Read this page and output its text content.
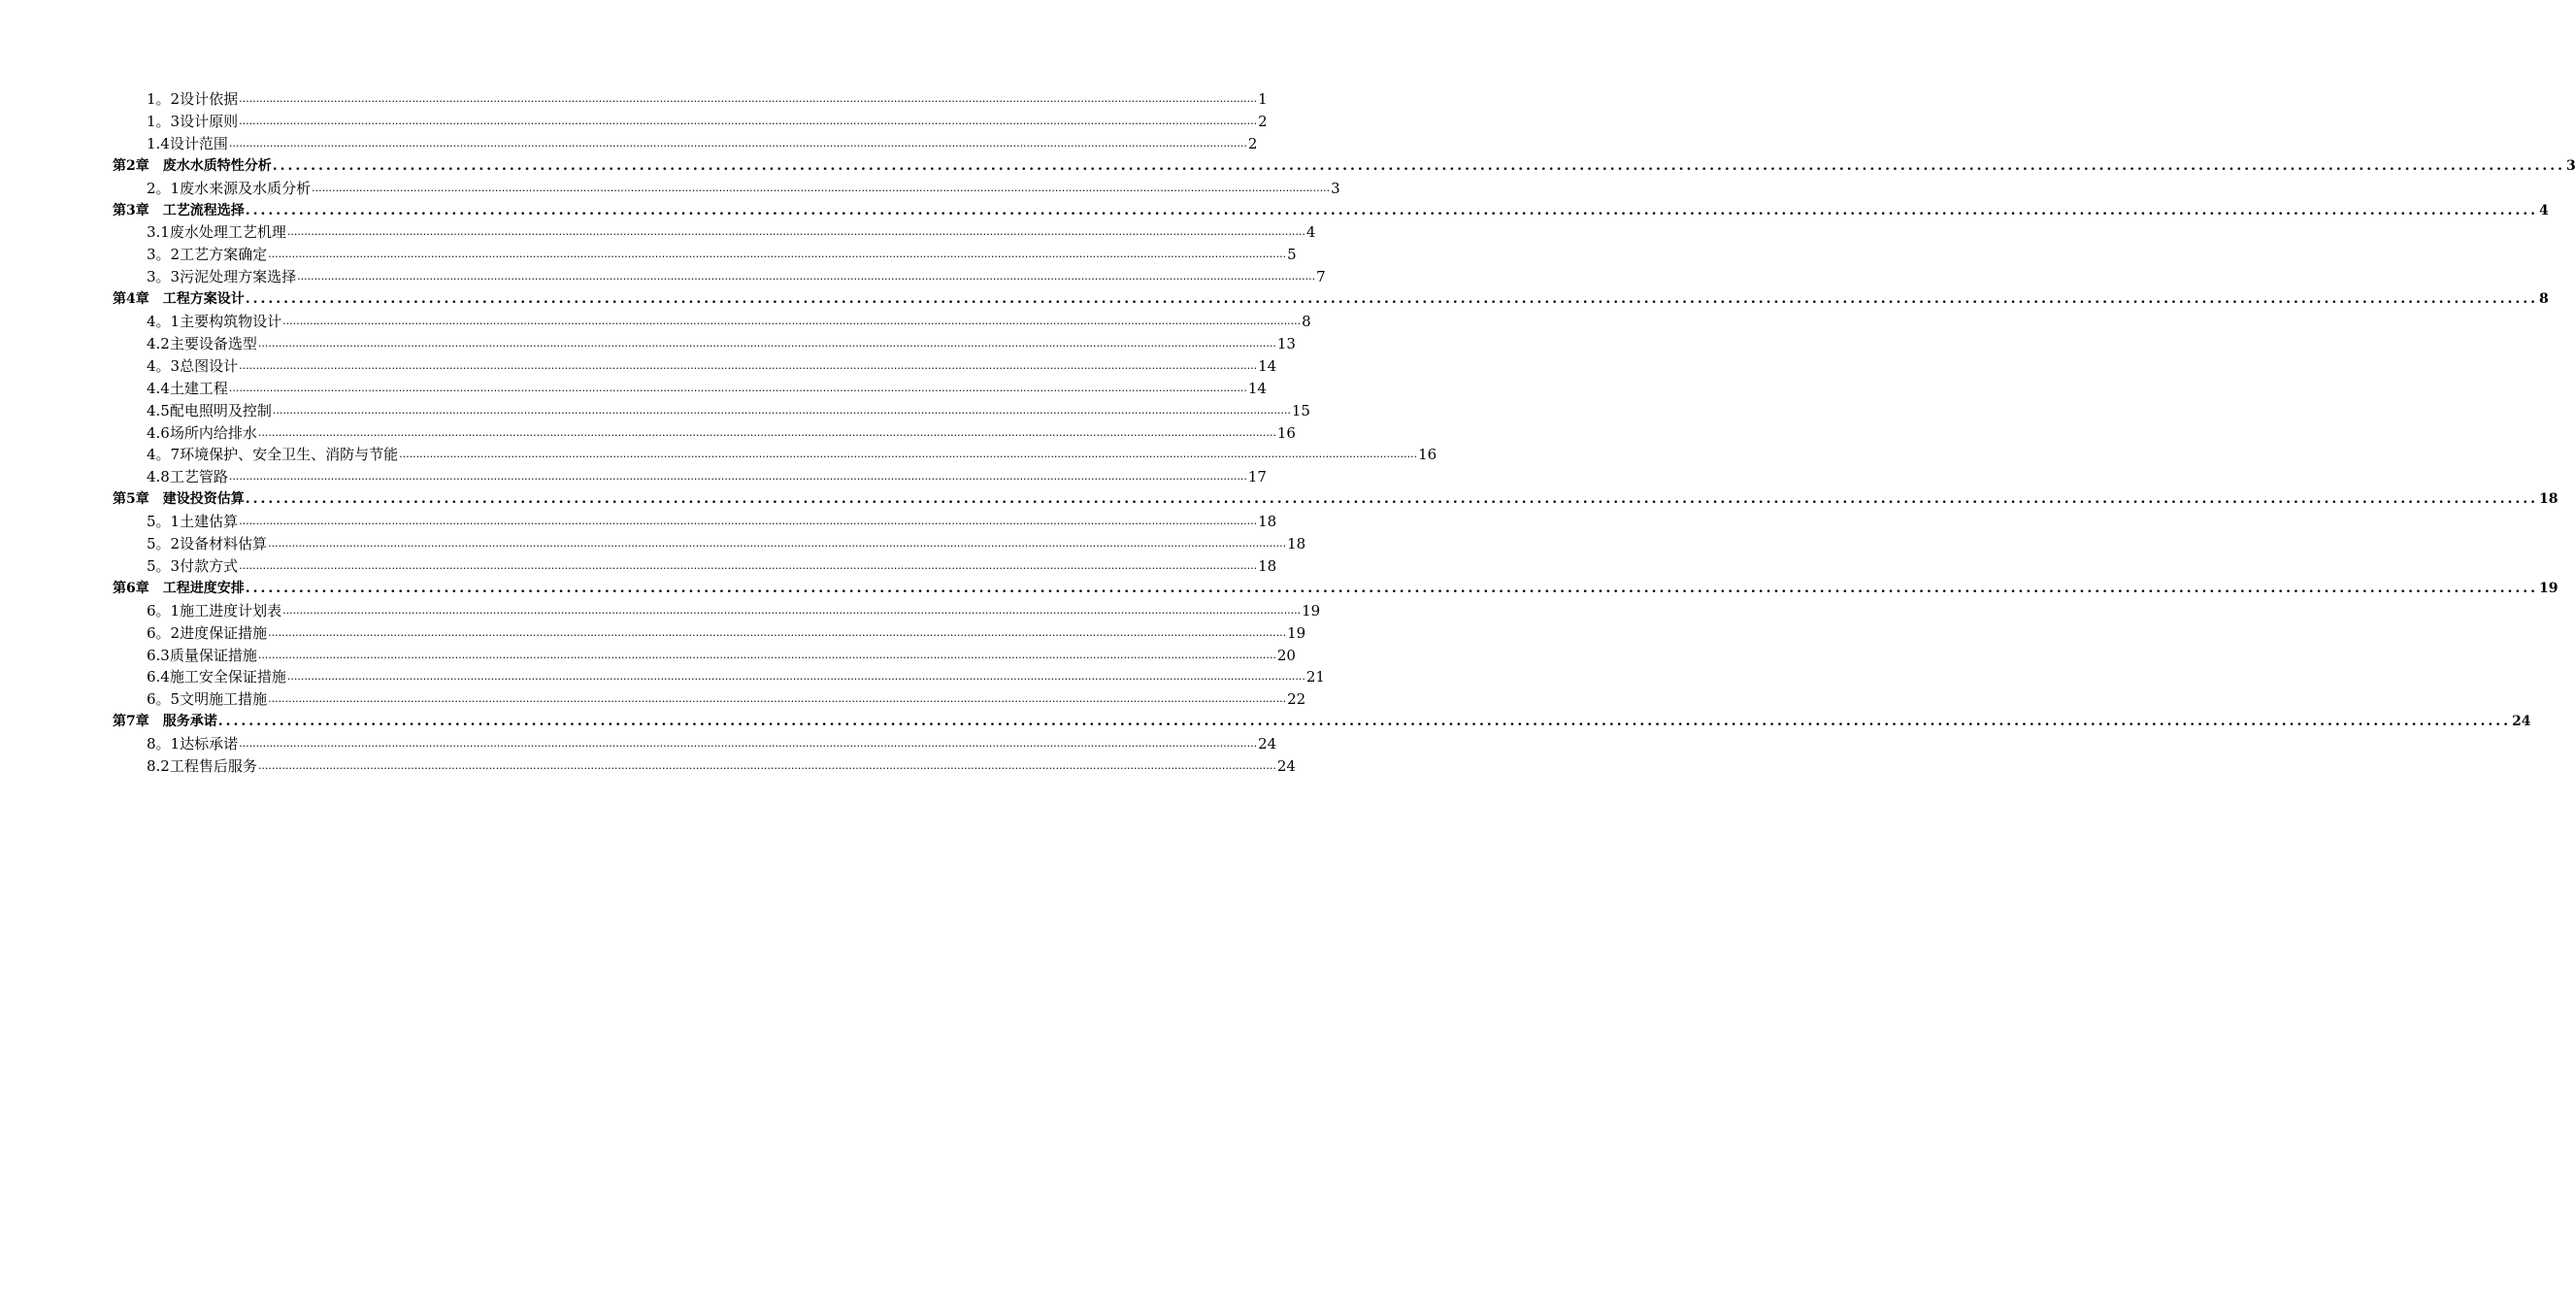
1。2设计依据 ............................................................................................................................................................................................................................................................................................................ 1
1。3设计原则 ............................................................................................................................................................................................................................................................................................................ 2
1.4设计范围 ............................................................................................................................................................................................................................................................................................................ 2
第2章　废水水质特性分析 ............................................................................................................................................................................................................................................................................................................ 3
2。1废水来源及水质分析 ............................................................................................................................................................................................................................................................................................................ 3
第3章　工艺流程选择 ............................................................................................................................................................................................................................................................................................................ 4
3.1废水处理工艺机理 ............................................................................................................................................................................................................................................................................................................ 4
3。2工艺方案确定 ............................................................................................................................................................................................................................................................................................................ 5
3。3污泥处理方案选择 ............................................................................................................................................................................................................................................................................................................ 7
第4章　工程方案设计 ............................................................................................................................................................................................................................................................................................................ 8
4。1主要构筑物设计 ............................................................................................................................................................................................................................................................................................................ 8
4.2主要设备选型 ............................................................................................................................................................................................................................................................................................................ 13
4。3总图设计 ............................................................................................................................................................................................................................................................................................................ 14
4.4土建工程 ............................................................................................................................................................................................................................................................................................................ 14
4.5配电照明及控制 ............................................................................................................................................................................................................................................................................................................ 15
4.6场所内给排水 ............................................................................................................................................................................................................................................................................................................ 16
4。7环境保护、安全卫生、消防与节能 ............................................................................................................................................................................................................................................................................................................ 16
4.8工艺管路 ............................................................................................................................................................................................................................................................................................................ 17
第5章　建设投资估算 ............................................................................................................................................................................................................................................................................................................ 18
5。1土建估算 ............................................................................................................................................................................................................................................................................................................ 18
5。2设备材料估算 ............................................................................................................................................................................................................................................................................................................ 18
5。3付款方式 ............................................................................................................................................................................................................................................................................................................ 18
第6章　工程进度安排 ............................................................................................................................................................................................................................................................................................................ 19
6。1施工进度计划表 ............................................................................................................................................................................................................................................................................................................ 19
6。2进度保证措施 ............................................................................................................................................................................................................................................................................................................ 19
6.3质量保证措施 ............................................................................................................................................................................................................................................................................................................ 20
6.4施工安全保证措施 ............................................................................................................................................................................................................................................................................................................ 21
6。5文明施工措施 ............................................................................................................................................................................................................................................................................................................ 22
第7章　服务承诺 ............................................................................................................................................................................................................................................................................................................ 24
8。1达标承诺 ............................................................................................................................................................................................................................................................................................................ 24
8.2工程售后服务 ............................................................................................................................................................................................................................................................................................................ 24
